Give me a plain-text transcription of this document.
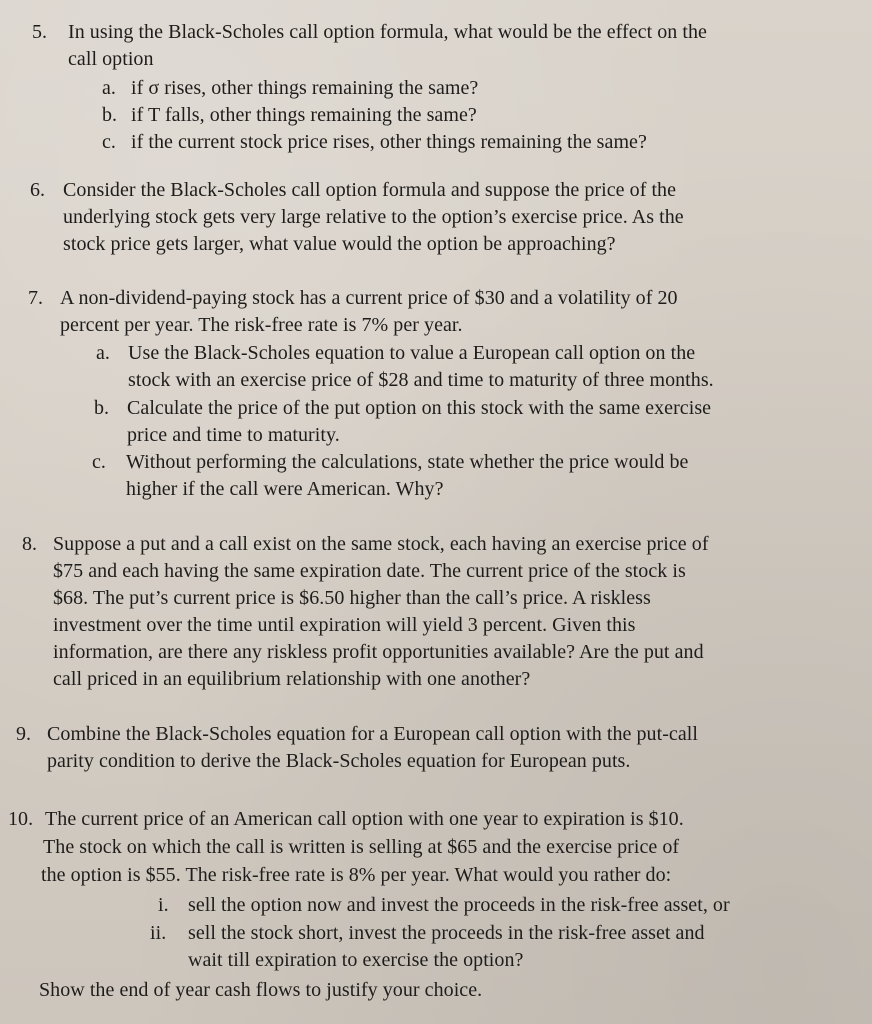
5. In using the Black-Scholes call option formula, what would be the effect on the
call option
a. if σ rises, other things remaining the same?
b. if T falls, other things remaining the same?
c. if the current stock price rises, other things remaining the same?
6. Consider the Black-Scholes call option formula and suppose the price of the
underlying stock gets very large relative to the option’s exercise price. As the
stock price gets larger, what value would the option be approaching?
7. A non-dividend-paying stock has a current price of $30 and a volatility of 20
percent per year. The risk-free rate is 7% per year.
a. Use the Black-Scholes equation to value a European call option on the
stock with an exercise price of $28 and time to maturity of three months.
b. Calculate the price of the put option on this stock with the same exercise
price and time to maturity.
c. Without performing the calculations, state whether the price would be
higher if the call were American. Why?
8. Suppose a put and a call exist on the same stock, each having an exercise price of
$75 and each having the same expiration date. The current price of the stock is
$68. The put’s current price is $6.50 higher than the call’s price. A riskless
investment over the time until expiration will yield 3 percent. Given this
information, are there any riskless profit opportunities available? Are the put and
call priced in an equilibrium relationship with one another?
9. Combine the Black-Scholes equation for a European call option with the put-call
parity condition to derive the Black-Scholes equation for European puts.
10. The current price of an American call option with one year to expiration is $10.
The stock on which the call is written is selling at $65 and the exercise price of
the option is $55. The risk-free rate is 8% per year. What would you rather do:
i. sell the option now and invest the proceeds in the risk-free asset, or
ii. sell the stock short, invest the proceeds in the risk-free asset and
wait till expiration to exercise the option?
Show the end of year cash flows to justify your choice.
